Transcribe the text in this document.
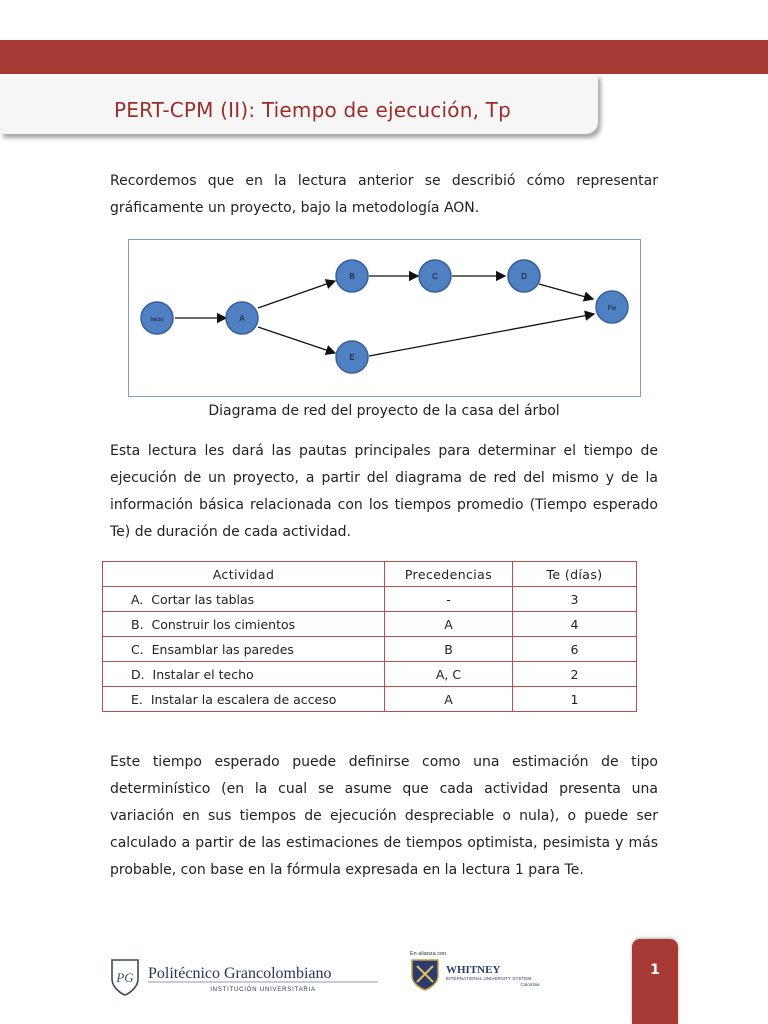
PERT-CPM (II): Tiempo de ejecución, Tp
Recordemos que en la lectura anterior se describió cómo representar gráficamente un proyecto, bajo la metodología AON.
Inicio	A
B	C	D
E
Fin
Diagrama de red del proyecto de la casa del árbol
Esta lectura les dará las pautas principales para determinar el tiempo de ejecución de un proyecto, a partir del diagrama de red del mismo y de la información básica relacionada con los tiempos promedio (Tiempo esperado Te) de duración de cada actividad.
Actividad	Precedencias	Te (días)
A.  Cortar las tablas	-	3
B.  Construir los cimientos	A	4
C.  Ensamblar las paredes	B	6
D.  Instalar el techo	A, C	2
E.  Instalar la escalera de acceso	A	1
Este tiempo esperado puede definirse como una estimación de tipo determinístico (en la cual se asume que cada actividad presenta una variación en sus tiempos de ejecución despreciable o nula), o puede ser calculado a partir de las estimaciones de tiempos optimista, pesimista y más probable, con base en la fórmula expresada en la lectura 1 para Te.
PG Politécnico Grancolombiano
INSTITUCIÓN UNIVERSITARIA
En alianza con
WHITNEY
INTERNATIONAL UNIVERSITY SYSTEM
Colombia
1
